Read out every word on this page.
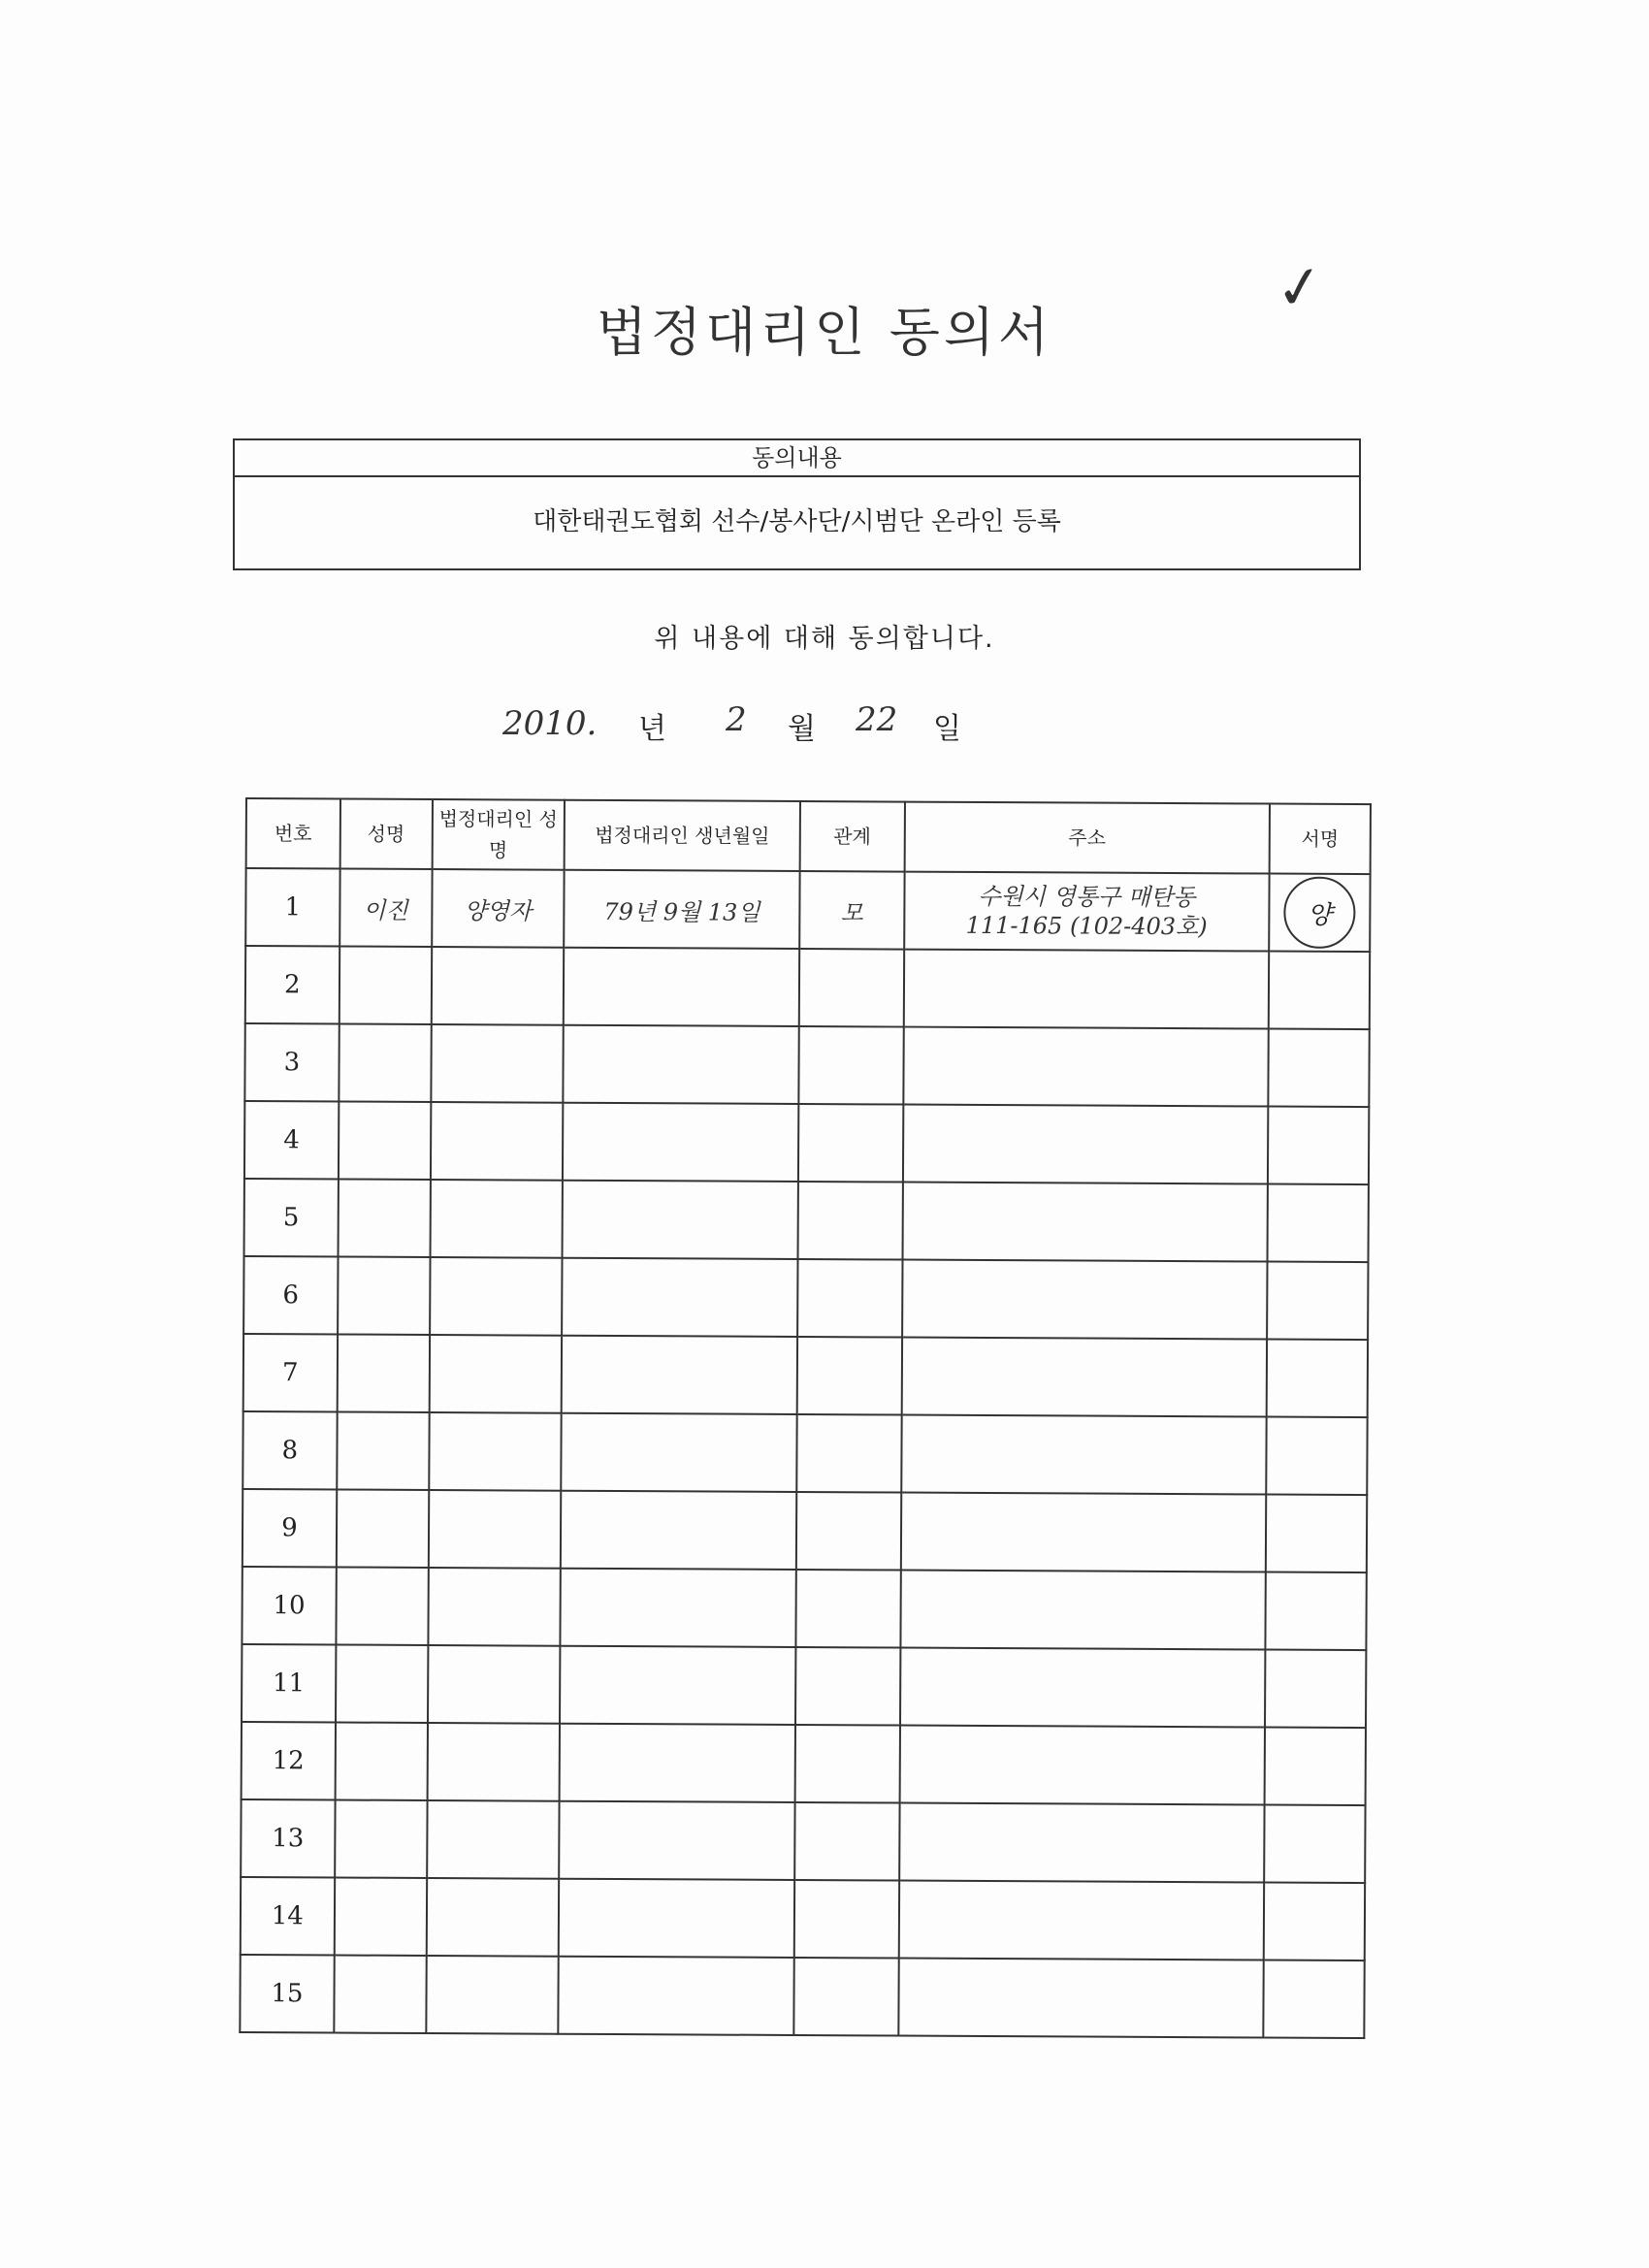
✓
법정대리인 동의서
동의내용
대한태권도협회 선수/봉사단/시범단 온라인 등록
위 내용에 대해 동의합니다.
2010. 년 2 월 22 일
번호	성명	법정대리인 성명	법정대리인 생년월일	관계	주소	서명
1	이진	양영자	79년 9월 13일	모	수원시 영통구 매탄동
111-165 (102-403호)	양

2						
3						
4						
5						
6						
7						
8						
9						
10						
11						
12						
13						
14						
15						
